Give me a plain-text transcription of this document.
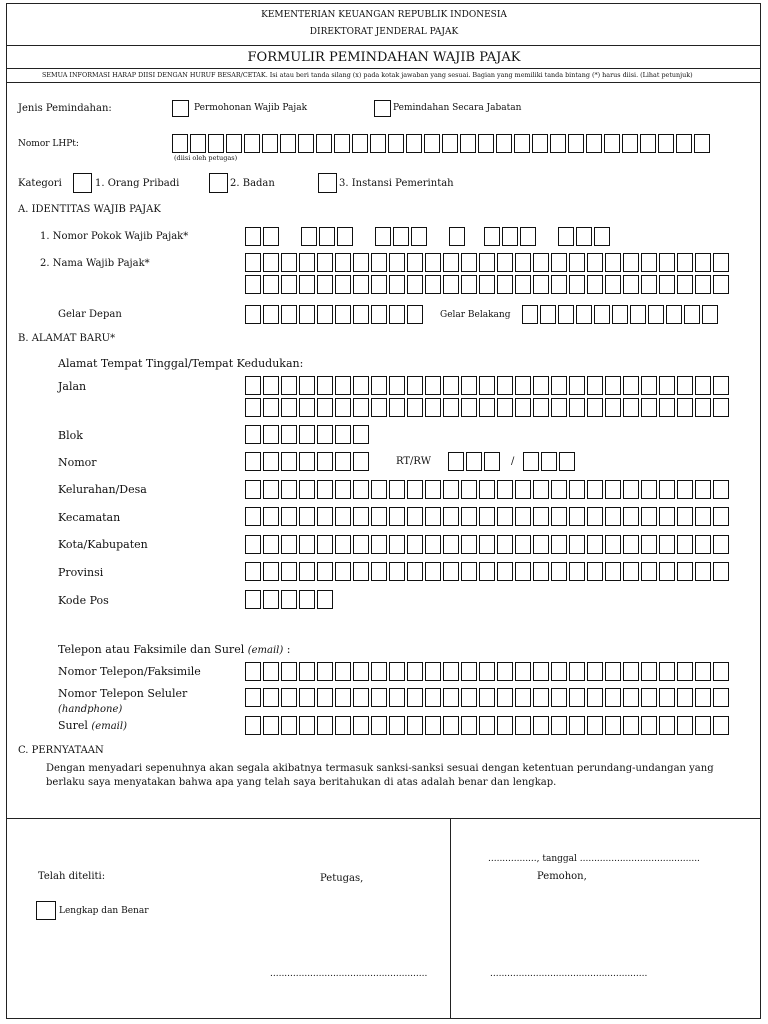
KEMENTERIAN KEUANGAN REPUBLIK INDONESIA
DIREKTORAT JENDERAL PAJAK
FORMULIR PEMINDAHAN WAJIB PAJAK
SEMUA INFORMASI HARAP DIISI DENGAN HURUF BESAR/CETAK. Isi atau beri tanda silang (x) pada kotak jawaban yang sesuai. Bagian yang memiliki tanda bintang (*) harus diisi. (Lihat petunjuk)
Jenis Pemindahan:	Permohonan Wajib Pajak	Pemindahan Secara Jabatan
Nomor LHPt:
(diisi oleh petugas)
Kategori	1. Orang Pribadi	2. Badan	3. Instansi Pemerintah
A. IDENTITAS WAJIB PAJAK
1. Nomor Pokok Wajib Pajak*
2. Nama Wajib Pajak*
Gelar Depan	Gelar Belakang
B. ALAMAT BARU*
Alamat Tempat Tinggal/Tempat Kedudukan:
Jalan
Blok
Nomor	RT/RW	/
Kelurahan/Desa
Kecamatan
Kota/Kabupaten
Provinsi
Kode Pos
Telepon atau Faksimile dan Surel (email) :
Nomor Telepon/Faksimile
Nomor Telepon Seluler
(handphone)
Surel (email)
C. PERNYATAAN
Dengan menyadari sepenuhnya akan segala akibatnya termasuk sanksi-sanksi sesuai dengan ketentuan perundang-undangan yang
berlaku saya menyatakan bahwa apa yang telah saya beritahukan di atas adalah benar dan lengkap.
Telah diteliti:	Petugas,
Lengkap dan Benar
.......................................................
................., tanggal ..........................................
Pemohon,
.......................................................
